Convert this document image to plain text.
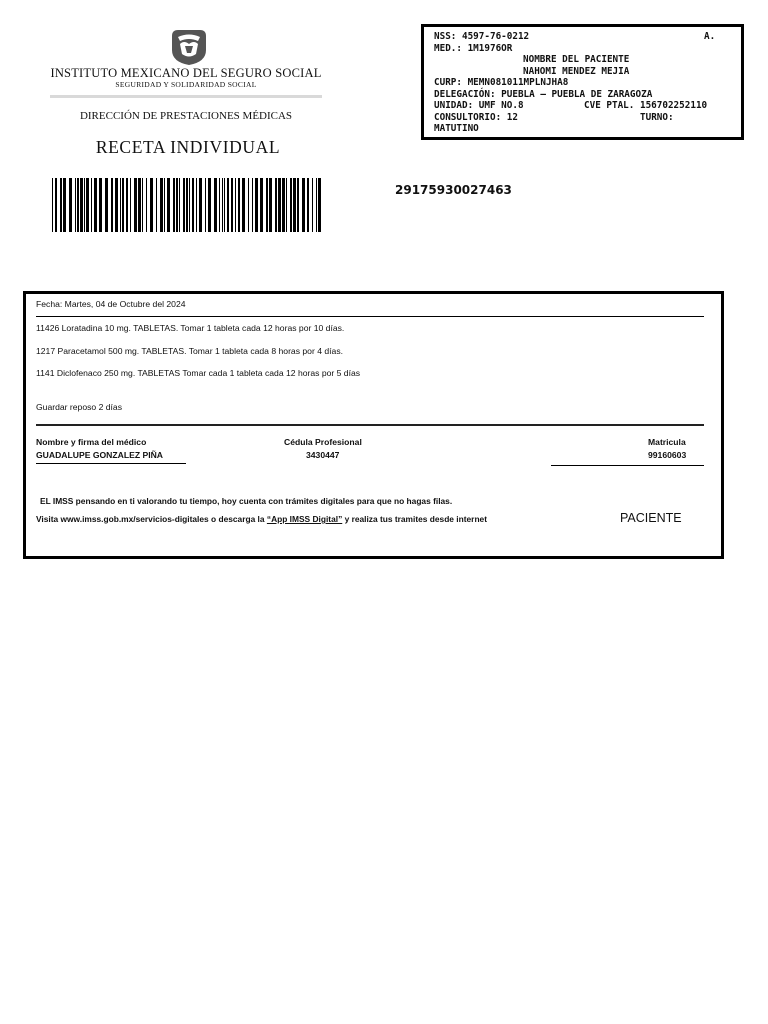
INSTITUTO MEXICANO DEL SEGURO SOCIAL
SEGURIDAD Y SOLIDARIDAD SOCIAL
DIRECCIÓN DE PRESTACIONES MÉDICAS
RECETA INDIVIDUAL
29175930027463
NSS: 4597-76-0212	A.
MED.: 1M1976OR
NOMBRE DEL PACIENTE
NAHOMI MENDEZ MEJIA
CURP: MEMN081011MPLNJHA8
DELEGACIÓN: PUEBLA – PUEBLA DE ZARAGOZA
UNIDAD: UMF NO.8	CVE PTAL. 156702252110
CONSULTORIO: 12	TURNO:
MATUTINO
Fecha: Martes, 04 de Octubre del 2024
11426 Loratadina 10 mg. TABLETAS. Tomar 1 tableta cada 12 horas por 10 días.
1217 Paracetamol 500 mg. TABLETAS. Tomar 1 tableta cada 8 horas por 4 días.
1141 Diclofenaco 250 mg. TABLETAS Tomar cada 1 tableta cada 12 horas por 5 días
Guardar reposo 2 días
Nombre y firma del médico
GUADALUPE GONZALEZ PIÑA
Cédula Profesional
3430447
Matricula
99160603
EL IMSS pensando en ti valorando tu tiempo, hoy cuenta con trámites digitales para que no hagas filas.
Visita www.imss.gob.mx/servicios-digitales o descarga la “App IMSS Digital” y realiza tus tramites desde internet	PACIENTE
